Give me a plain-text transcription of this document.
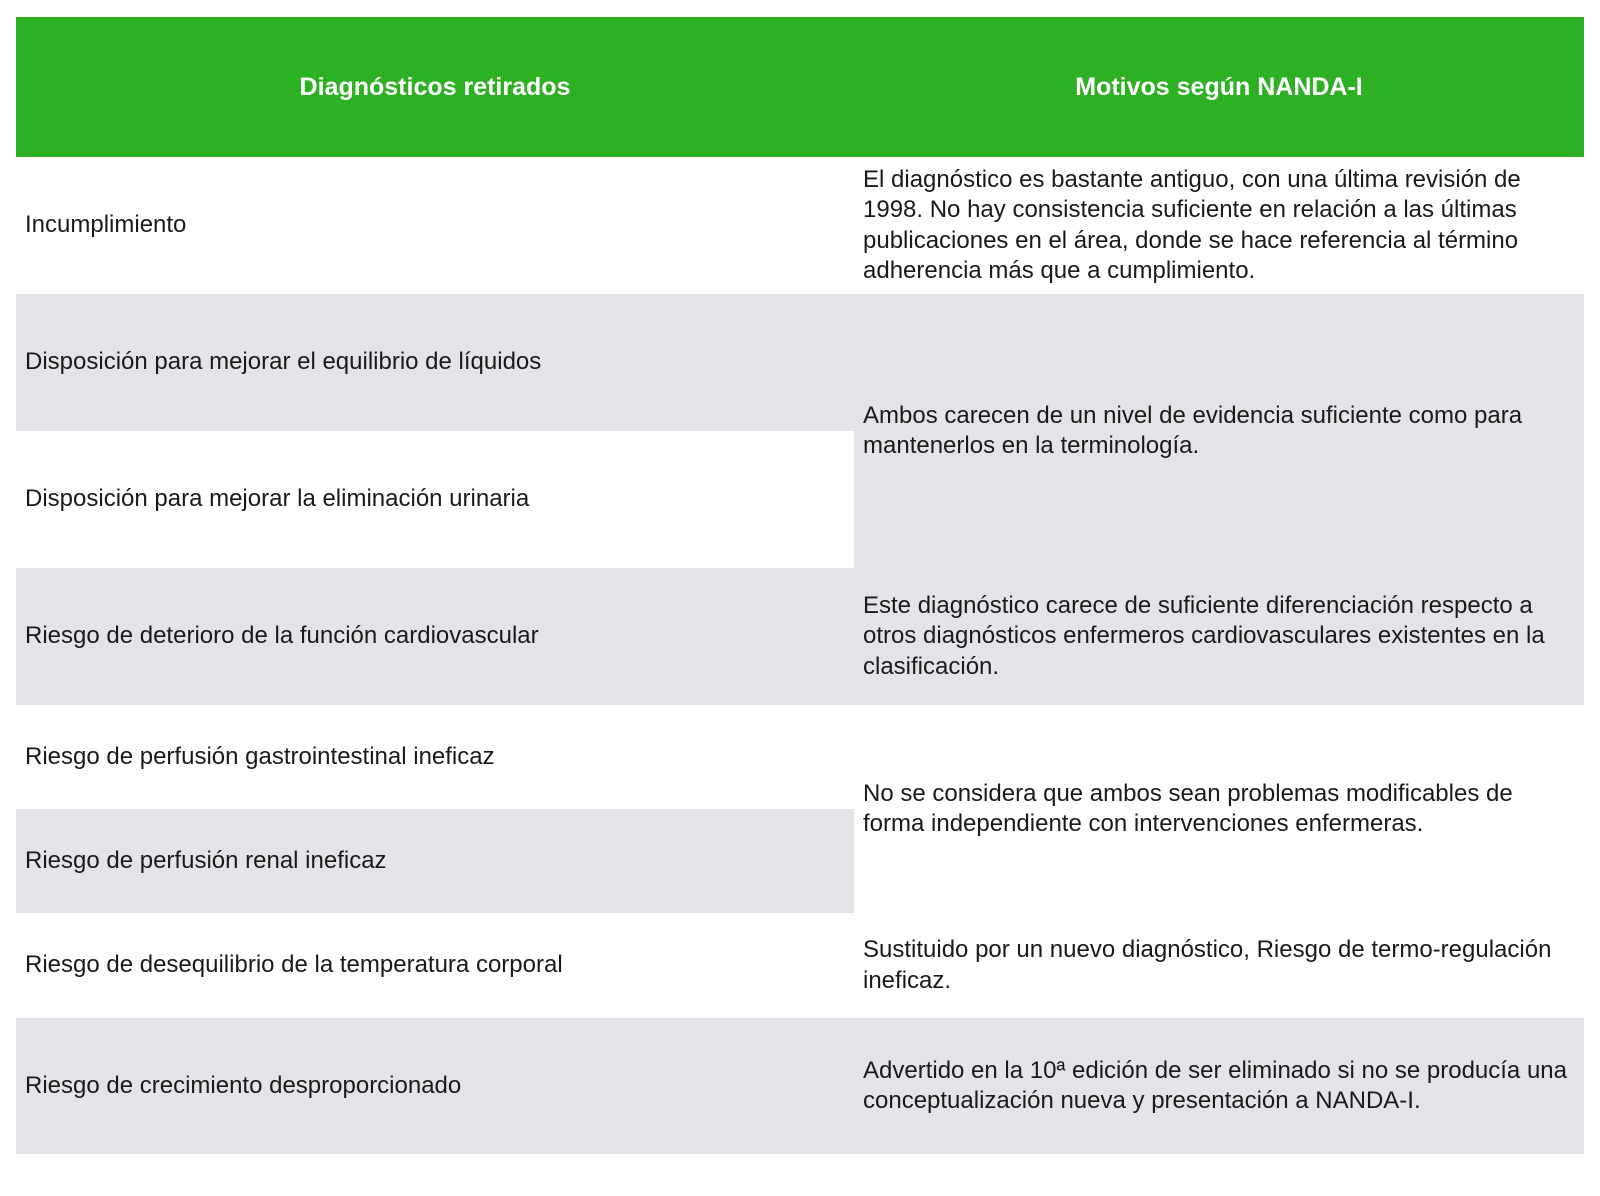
Diagnósticos retirados	Motivos según NANDA-I
Incumplimiento
El diagnóstico es bastante antiguo, con una última revisión de 1998. No hay consistencia suficiente en relación a las últimas publicaciones en el área, donde se hace referencia al término adherencia más que a cumplimiento.
Disposición para mejorar el equilibrio de líquidos
Disposición para mejorar la eliminación urinaria
Ambos carecen de un nivel de evidencia suficiente como para mantenerlos en la terminología.
Riesgo de deterioro de la función cardiovascular
Este diagnóstico carece de suficiente diferenciación respecto a otros diagnósticos enfermeros cardiovasculares existentes en la clasificación.
Riesgo de perfusión gastrointestinal ineficaz
Riesgo de perfusión renal ineficaz
No se considera que ambos sean problemas modificables de forma independiente con intervenciones enfermeras.
Riesgo de desequilibrio de la temperatura corporal
Sustituido por un nuevo diagnóstico, Riesgo de termo-regulación ineficaz.
Riesgo de crecimiento desproporcionado
Advertido en la 10ª edición de ser eliminado si no se producía una conceptualización nueva y presentación a NANDA-I.
